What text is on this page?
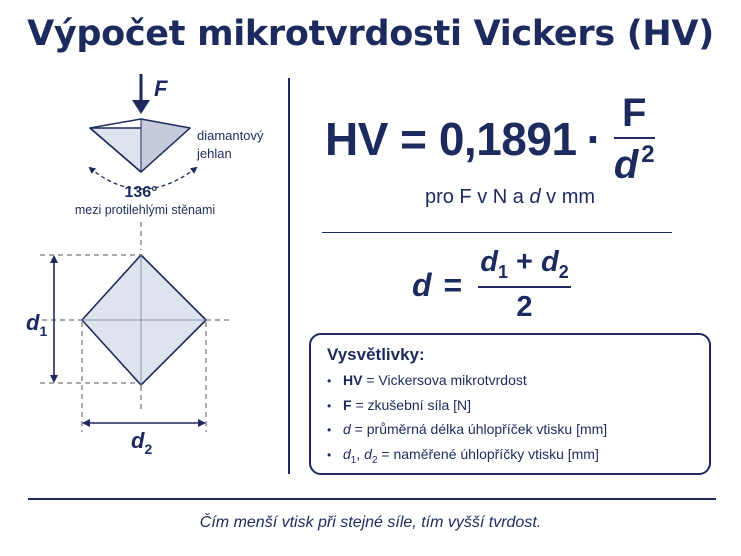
Výpočet mikrotvrdosti Vickers (HV)
F
diamantový
jehlan
136°
mezi protilehlými stěnami
$d_1$
$d_2$
HV = $0,1891 \cdot \frac{F}{d ^2}$
pro F v N a d v mm
$d = \frac{d_1 + d_2}{2}$
Vysvětlivky:
• HV = Vickersova mikrotvrdost
• F = zkušební síla [N]
• d = průměrná délka úhlopříček vtisku [mm]
• $d_1$, $d_2$ = naměřené úhlopříčky vtisku [mm]
Čím menší vtisk při stejné síle, tím vyšší tvrdost.
